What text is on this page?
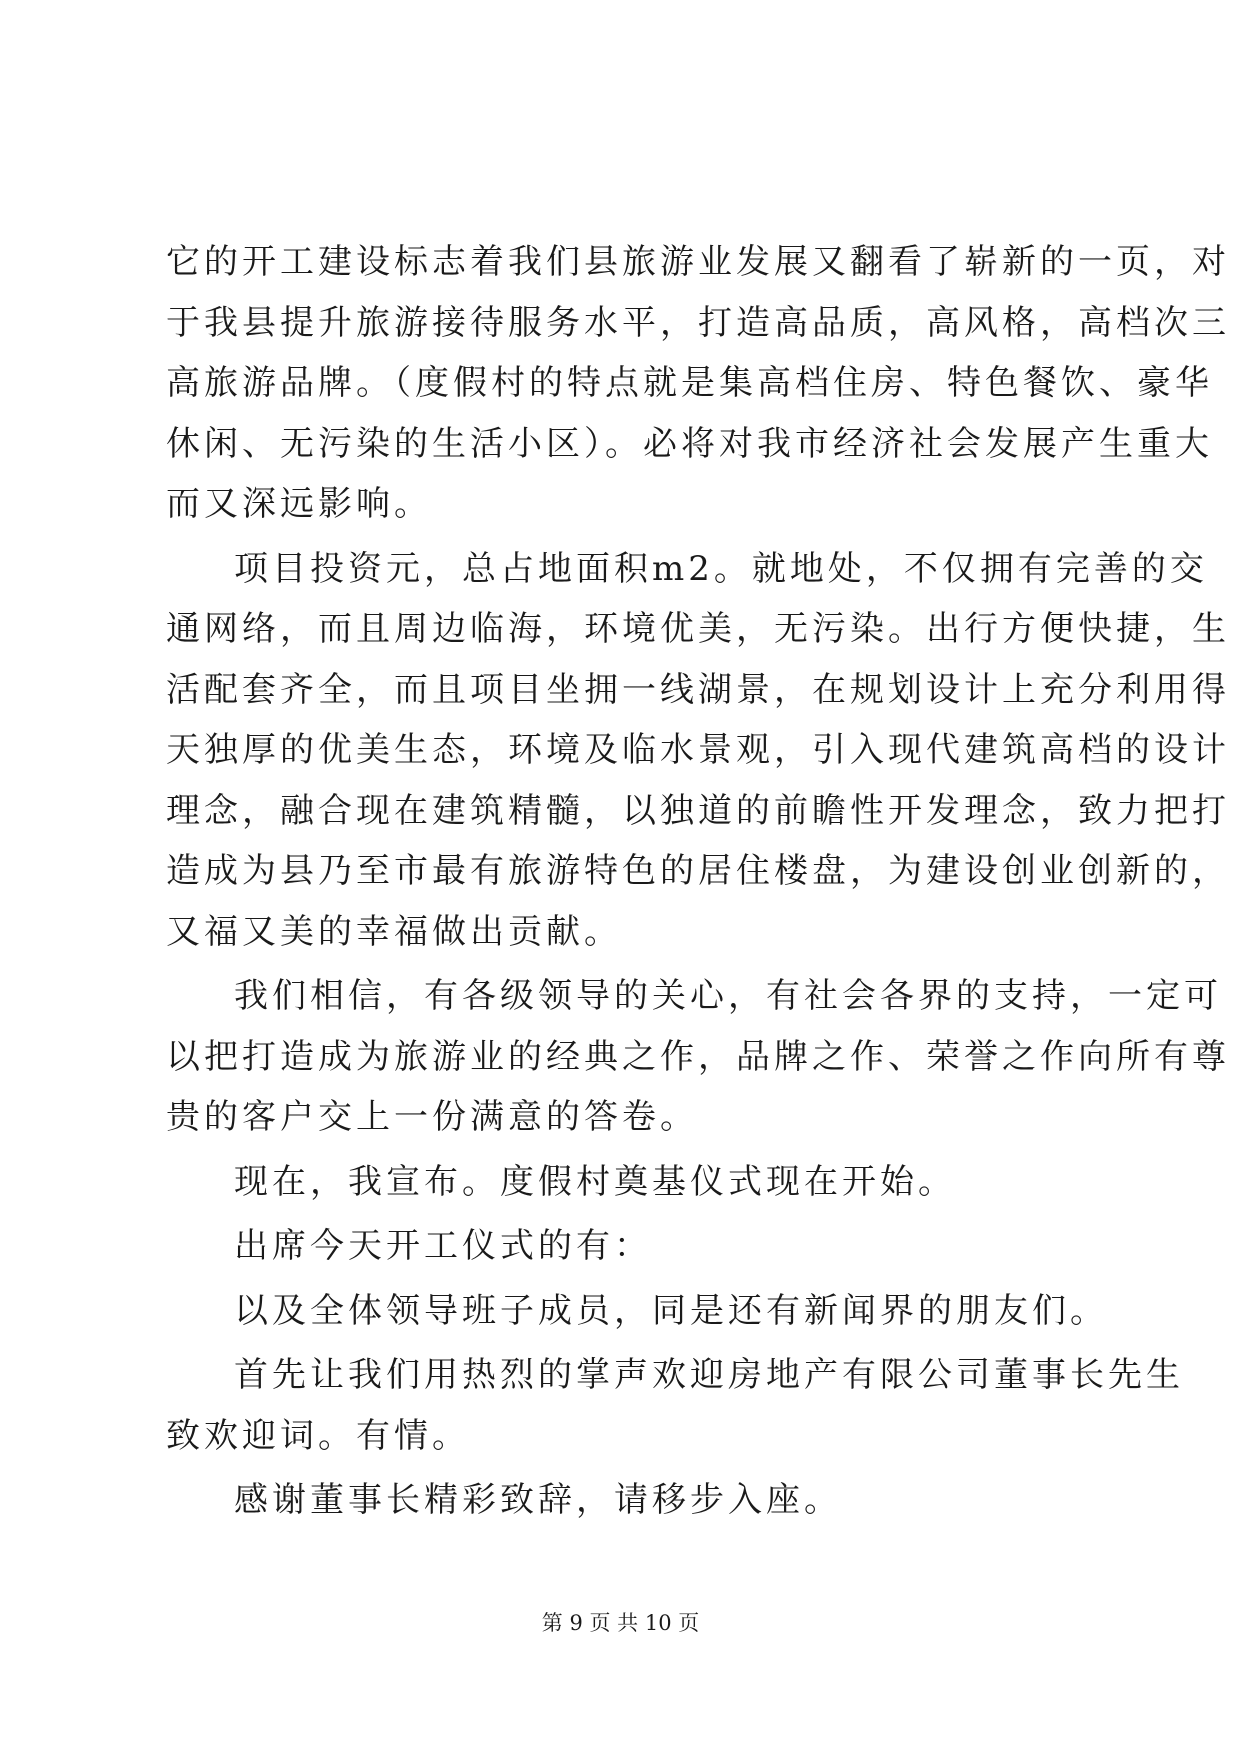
它的开工建设标志着我们县旅游业发展又翻看了崭新的一页，对
于我县提升旅游接待服务水平，打造高品质，高风格，高档次三
高旅游品牌。（度假村的特点就是集高档住房、特色餐饮、豪华
休闲、无污染的生活小区）。必将对我市经济社会发展产生重大
而又深远影响。
项目投资元，总占地面积m2。就地处，不仅拥有完善的交
通网络，而且周边临海，环境优美，无污染。出行方便快捷，生
活配套齐全，而且项目坐拥一线湖景，在规划设计上充分利用得
天独厚的优美生态，环境及临水景观，引入现代建筑高档的设计
理念，融合现在建筑精髓，以独道的前瞻性开发理念，致力把打
造成为县乃至市最有旅游特色的居住楼盘，为建设创业创新的，
又福又美的幸福做出贡献。
我们相信，有各级领导的关心，有社会各界的支持，一定可
以把打造成为旅游业的经典之作，品牌之作、荣誉之作向所有尊
贵的客户交上一份满意的答卷。
现在，我宣布。度假村奠基仪式现在开始。
出席今天开工仪式的有：
以及全体领导班子成员，同是还有新闻界的朋友们。
首先让我们用热烈的掌声欢迎房地产有限公司董事长先生
致欢迎词。有情。
感谢董事长精彩致辞，请移步入座。
第 9 页 共 10 页
